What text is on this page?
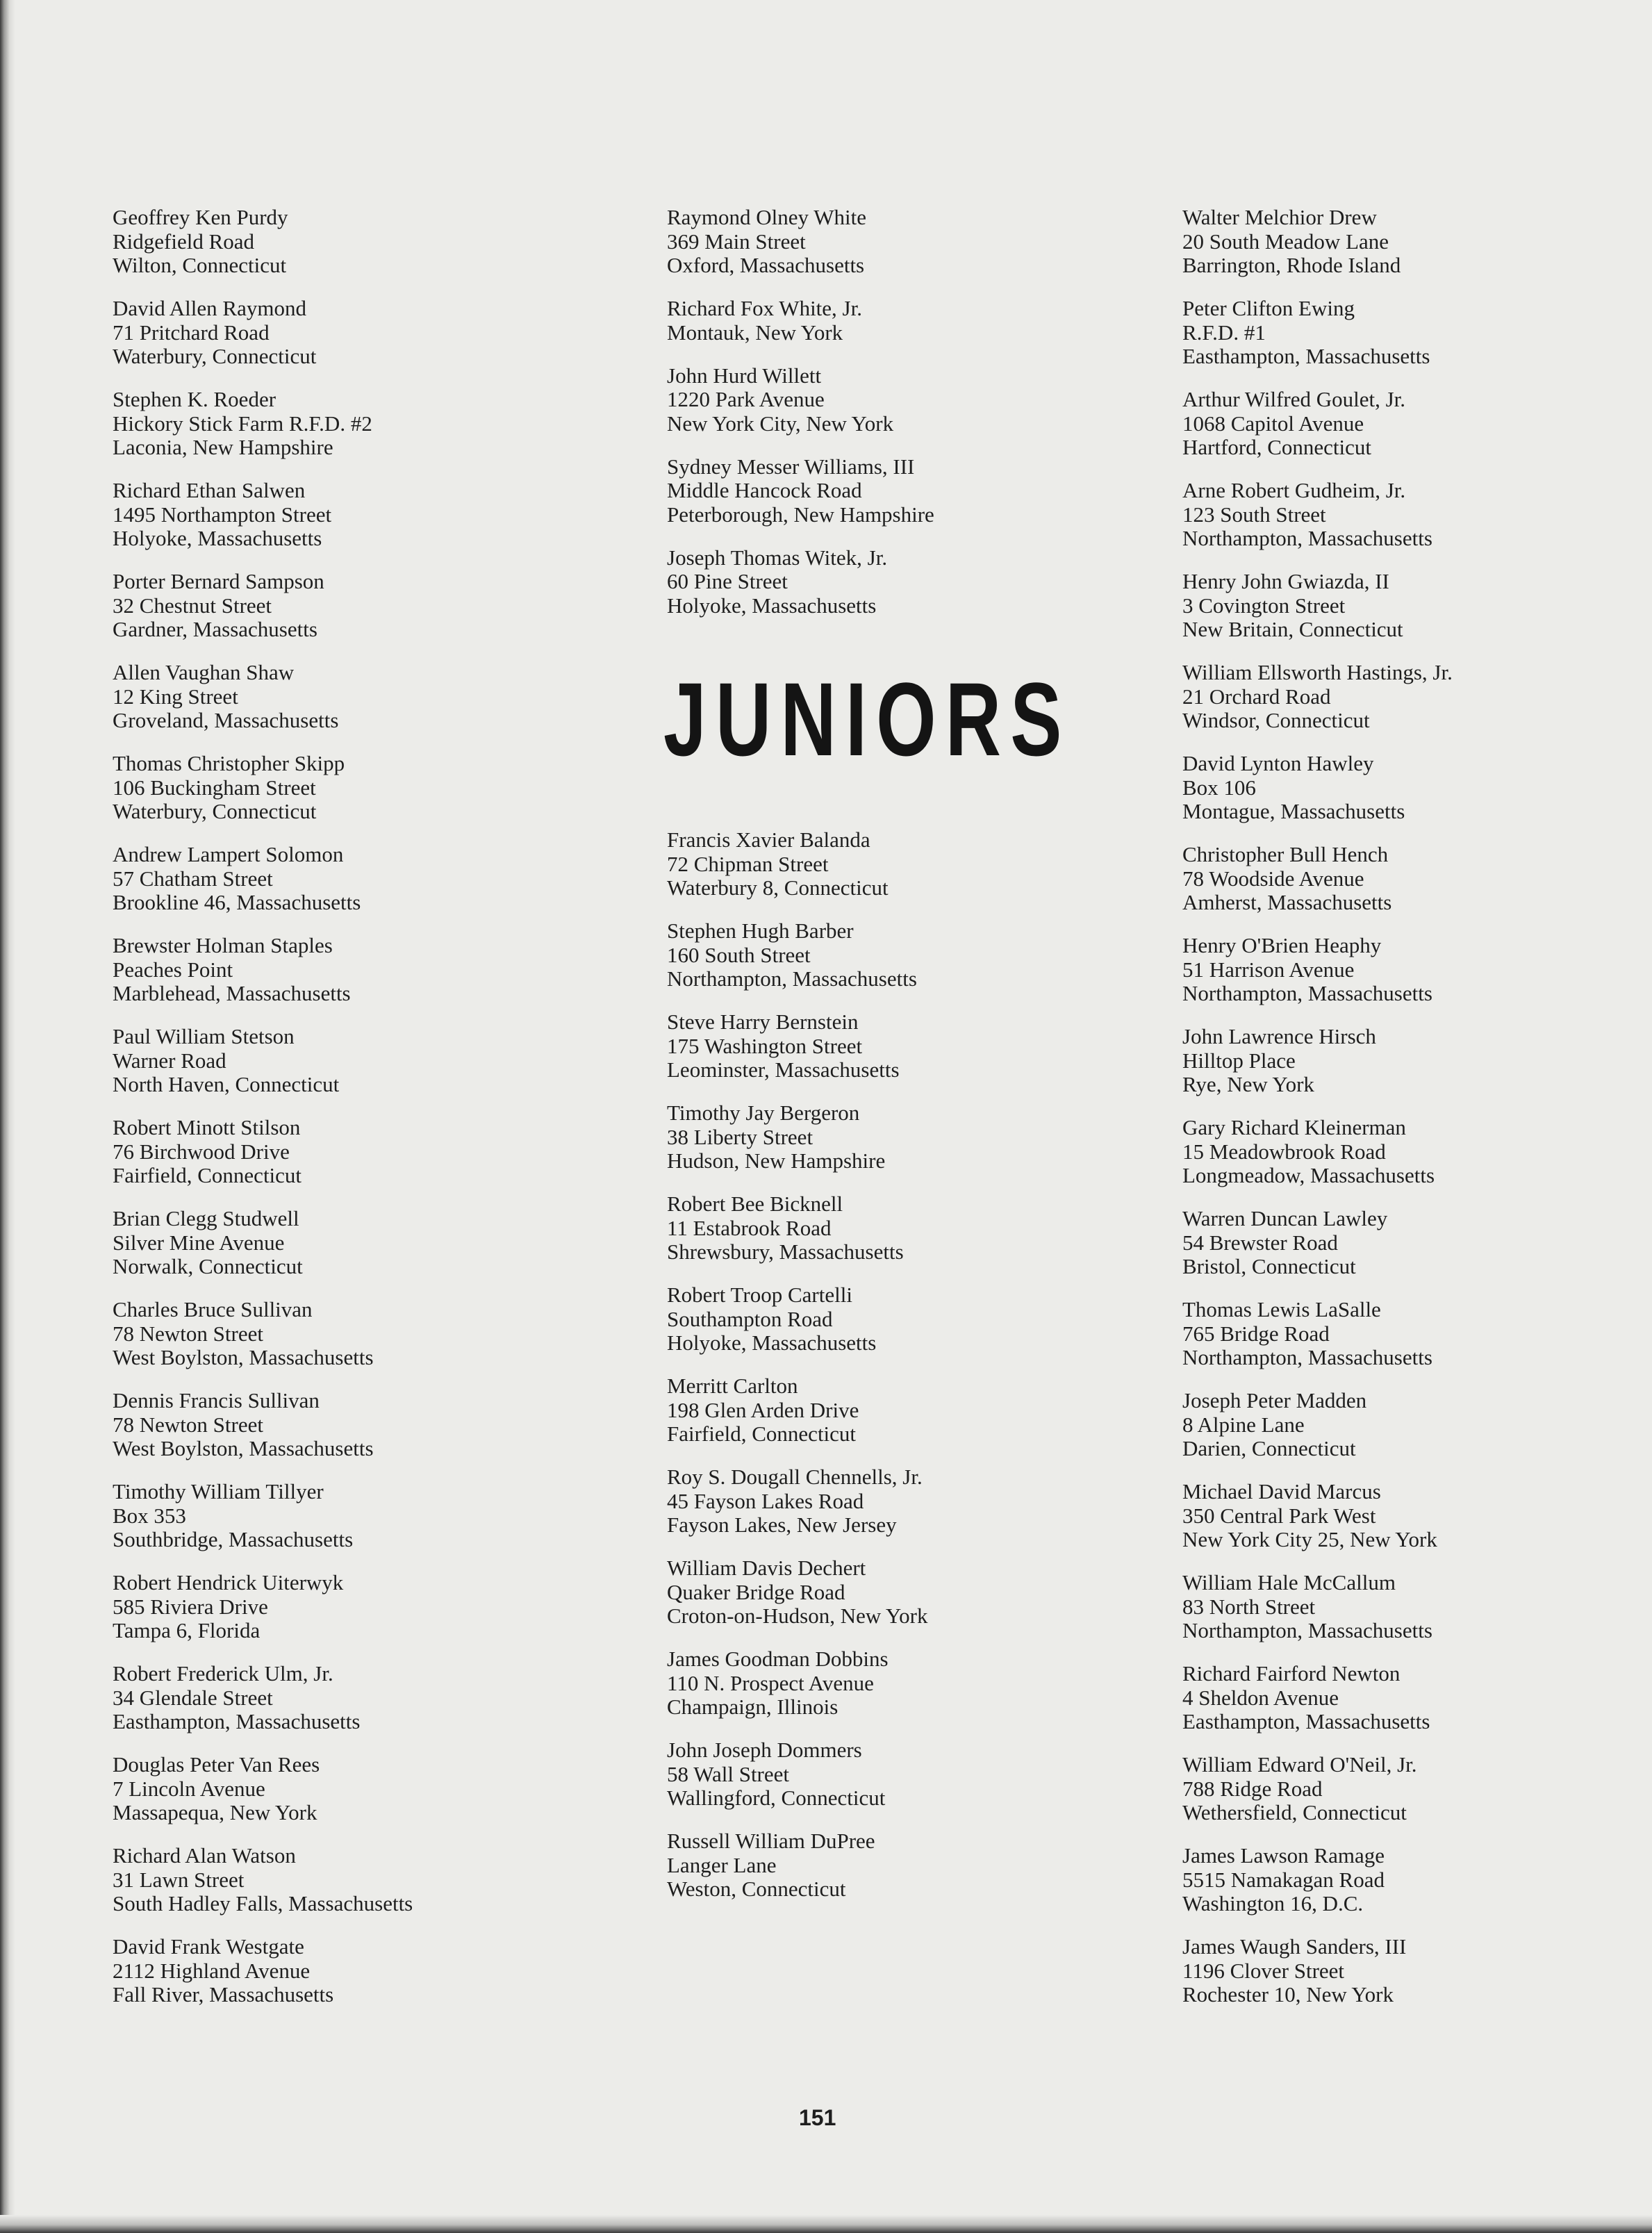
Geoffrey Ken Purdy
Ridgefield Road
Wilton, Connecticut
David Allen Raymond
71 Pritchard Road
Waterbury, Connecticut
Stephen K. Roeder
Hickory Stick Farm R.F.D. #2
Laconia, New Hampshire
Richard Ethan Salwen
1495 Northampton Street
Holyoke, Massachusetts
Porter Bernard Sampson
32 Chestnut Street
Gardner, Massachusetts
Allen Vaughan Shaw
12 King Street
Groveland, Massachusetts
Thomas Christopher Skipp
106 Buckingham Street
Waterbury, Connecticut
Andrew Lampert Solomon
57 Chatham Street
Brookline 46, Massachusetts
Brewster Holman Staples
Peaches Point
Marblehead, Massachusetts
Paul William Stetson
Warner Road
North Haven, Connecticut
Robert Minott Stilson
76 Birchwood Drive
Fairfield, Connecticut
Brian Clegg Studwell
Silver Mine Avenue
Norwalk, Connecticut
Charles Bruce Sullivan
78 Newton Street
West Boylston, Massachusetts
Dennis Francis Sullivan
78 Newton Street
West Boylston, Massachusetts
Timothy William Tillyer
Box 353
Southbridge, Massachusetts
Robert Hendrick Uiterwyk
585 Riviera Drive
Tampa 6, Florida
Robert Frederick Ulm, Jr.
34 Glendale Street
Easthampton, Massachusetts
Douglas Peter Van Rees
7 Lincoln Avenue
Massapequa, New York
Richard Alan Watson
31 Lawn Street
South Hadley Falls, Massachusetts
David Frank Westgate
2112 Highland Avenue
Fall River, Massachusetts
Raymond Olney White
369 Main Street
Oxford, Massachusetts
Richard Fox White, Jr.
Montauk, New York
John Hurd Willett
1220 Park Avenue
New York City, New York
Sydney Messer Williams, III
Middle Hancock Road
Peterborough, New Hampshire
Joseph Thomas Witek, Jr.
60 Pine Street
Holyoke, Massachusetts
JUNIORS
Francis Xavier Balanda
72 Chipman Street
Waterbury 8, Connecticut
Stephen Hugh Barber
160 South Street
Northampton, Massachusetts
Steve Harry Bernstein
175 Washington Street
Leominster, Massachusetts
Timothy Jay Bergeron
38 Liberty Street
Hudson, New Hampshire
Robert Bee Bicknell
11 Estabrook Road
Shrewsbury, Massachusetts
Robert Troop Cartelli
Southampton Road
Holyoke, Massachusetts
Merritt Carlton
198 Glen Arden Drive
Fairfield, Connecticut
Roy S. Dougall Chennells, Jr.
45 Fayson Lakes Road
Fayson Lakes, New Jersey
William Davis Dechert
Quaker Bridge Road
Croton-on-Hudson, New York
James Goodman Dobbins
110 N. Prospect Avenue
Champaign, Illinois
John Joseph Dommers
58 Wall Street
Wallingford, Connecticut
Russell William DuPree
Langer Lane
Weston, Connecticut
Walter Melchior Drew
20 South Meadow Lane
Barrington, Rhode Island
Peter Clifton Ewing
R.F.D. #1
Easthampton, Massachusetts
Arthur Wilfred Goulet, Jr.
1068 Capitol Avenue
Hartford, Connecticut
Arne Robert Gudheim, Jr.
123 South Street
Northampton, Massachusetts
Henry John Gwiazda, II
3 Covington Street
New Britain, Connecticut
William Ellsworth Hastings, Jr.
21 Orchard Road
Windsor, Connecticut
David Lynton Hawley
Box 106
Montague, Massachusetts
Christopher Bull Hench
78 Woodside Avenue
Amherst, Massachusetts
Henry O'Brien Heaphy
51 Harrison Avenue
Northampton, Massachusetts
John Lawrence Hirsch
Hilltop Place
Rye, New York
Gary Richard Kleinerman
15 Meadowbrook Road
Longmeadow, Massachusetts
Warren Duncan Lawley
54 Brewster Road
Bristol, Connecticut
Thomas Lewis LaSalle
765 Bridge Road
Northampton, Massachusetts
Joseph Peter Madden
8 Alpine Lane
Darien, Connecticut
Michael David Marcus
350 Central Park West
New York City 25, New York
William Hale McCallum
83 North Street
Northampton, Massachusetts
Richard Fairford Newton
4 Sheldon Avenue
Easthampton, Massachusetts
William Edward O'Neil, Jr.
788 Ridge Road
Wethersfield, Connecticut
James Lawson Ramage
5515 Namakagan Road
Washington 16, D.C.
James Waugh Sanders, III
1196 Clover Street
Rochester 10, New York
151
